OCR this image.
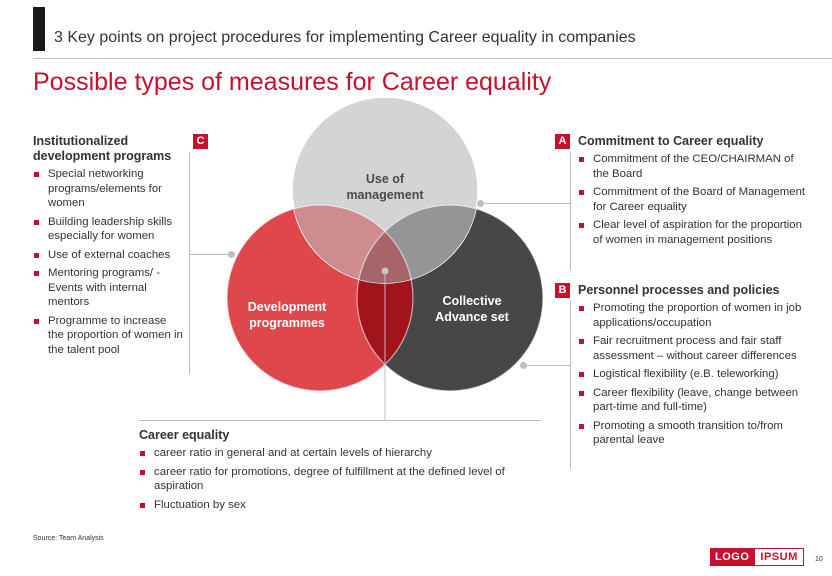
3 Key points on project procedures for implementing Career equality in companies
Possible types of measures for Career equality
Use of management
Development programmes
Collective Advance set
C
Institutionalized development programs
Special networking programs/elements for women
Building leadership skills especially for women
Use of external coaches
Mentoring programs/ -Events with internal mentors
Programme to increase the proportion of women in the talent pool
A Commitment to Career equality
Commitment of the CEO/CHAIRMAN of the Board
Commitment of the Board of Management for Career equality
Clear level of aspiration for the proportion of women in management positions
B Personnel processes and policies
Promoting the proportion of women in job applications/occupation
Fair recruitment process and fair staff assessment – without career differences
Logistical flexibility (e.B. teleworking)
Career flexibility (leave, change between part-time and full-time)
Promoting a smooth transition to/from parental leave
Career equality
career ratio in general and at certain levels of hierarchy
career ratio for promotions, degree of fulfillment at the defined level of aspiration
Fluctuation by sex
Source: Team Analysis
LOGO	IPSUM	10
